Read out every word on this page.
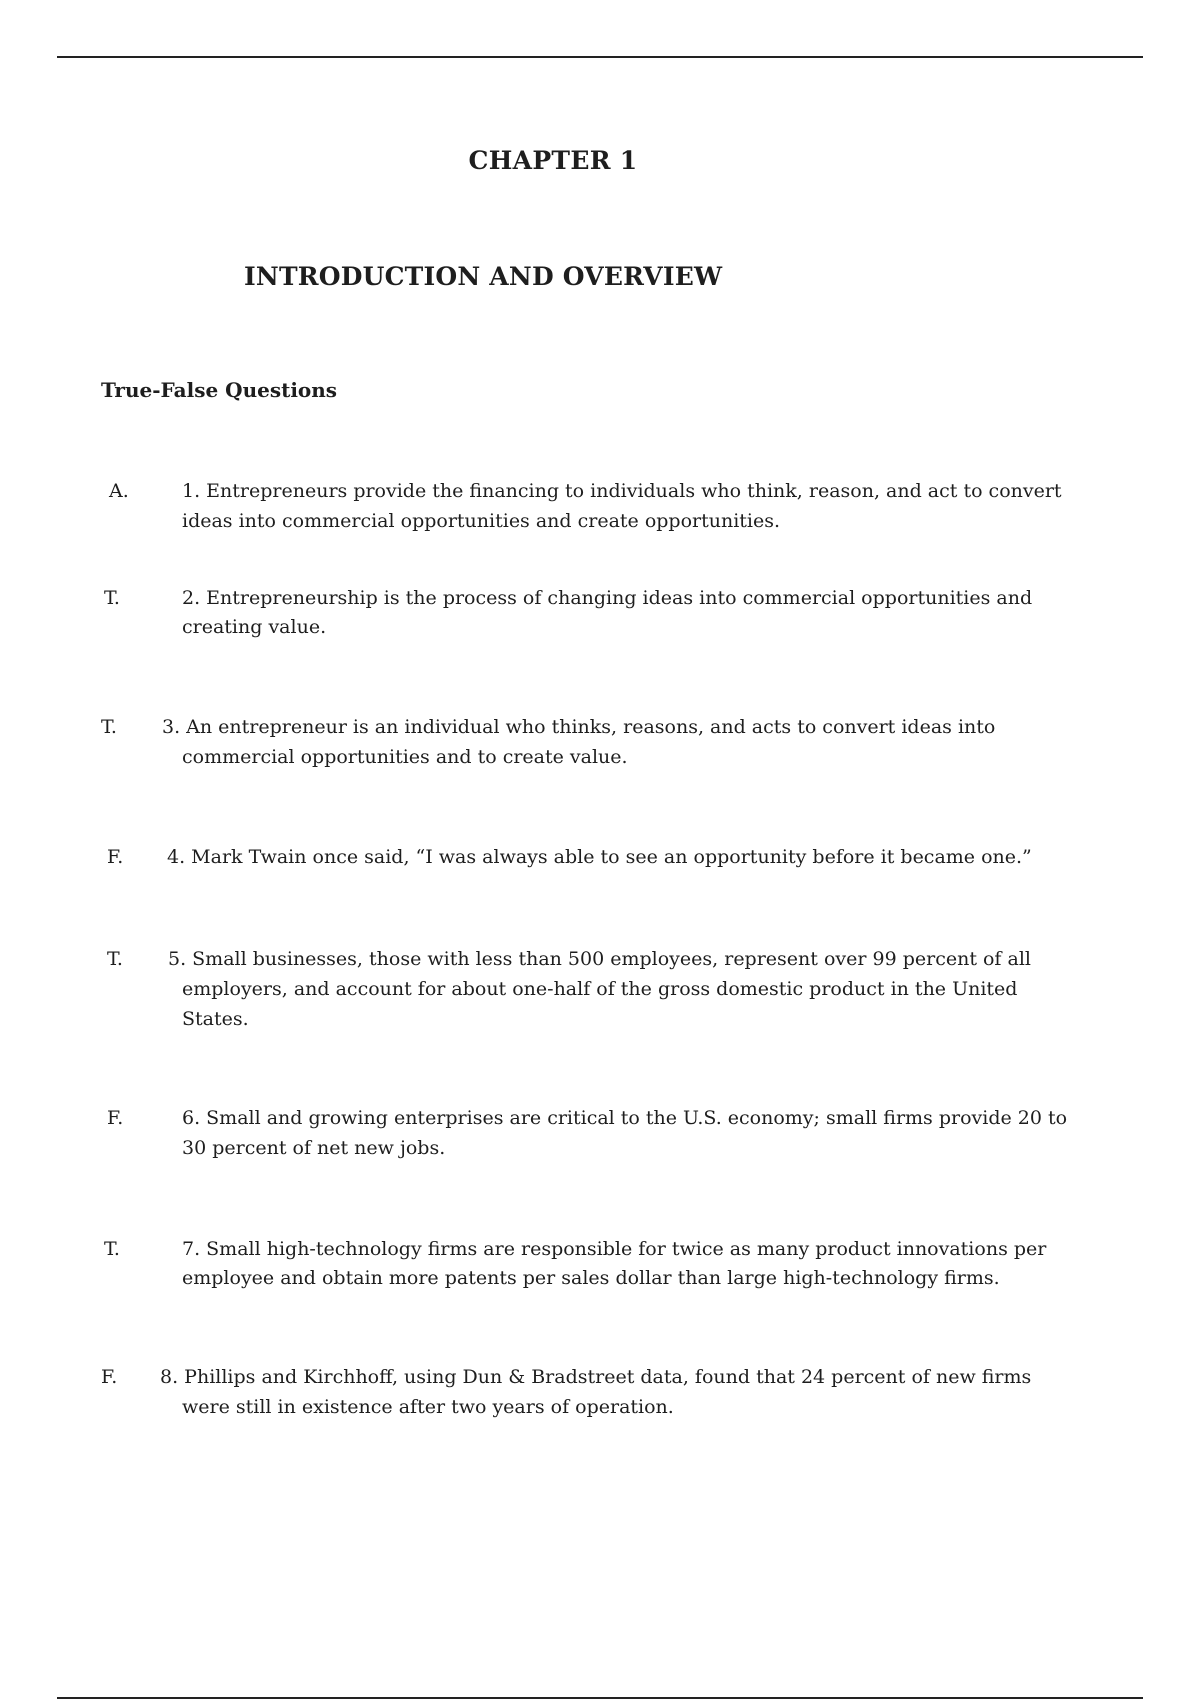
CHAPTER 1
INTRODUCTION AND OVERVIEW
True-False Questions
A.	1. Entrepreneurs provide the financing to individuals who think, reason, and act to convert
ideas into commercial opportunities and create opportunities.
T.	2. Entrepreneurship is the process of changing ideas into commercial opportunities and
creating value.
T. 3. An entrepreneur is an individual who thinks, reasons, and acts to convert ideas into
commercial opportunities and to create value.
F. 4. Mark Twain once said, “I was always able to see an opportunity before it became one.”
T. 5. Small businesses, those with less than 500 employees, represent over 99 percent of all
employers, and account for about one-half of the gross domestic product in the United
States.
F.	6. Small and growing enterprises are critical to the U.S. economy; small firms provide 20 to
30 percent of net new jobs.
T.	7. Small high-technology firms are responsible for twice as many product innovations per
employee and obtain more patents per sales dollar than large high-technology firms.
F. 8. Phillips and Kirchhoff, using Dun & Bradstreet data, found that 24 percent of new firms
were still in existence after two years of operation.
